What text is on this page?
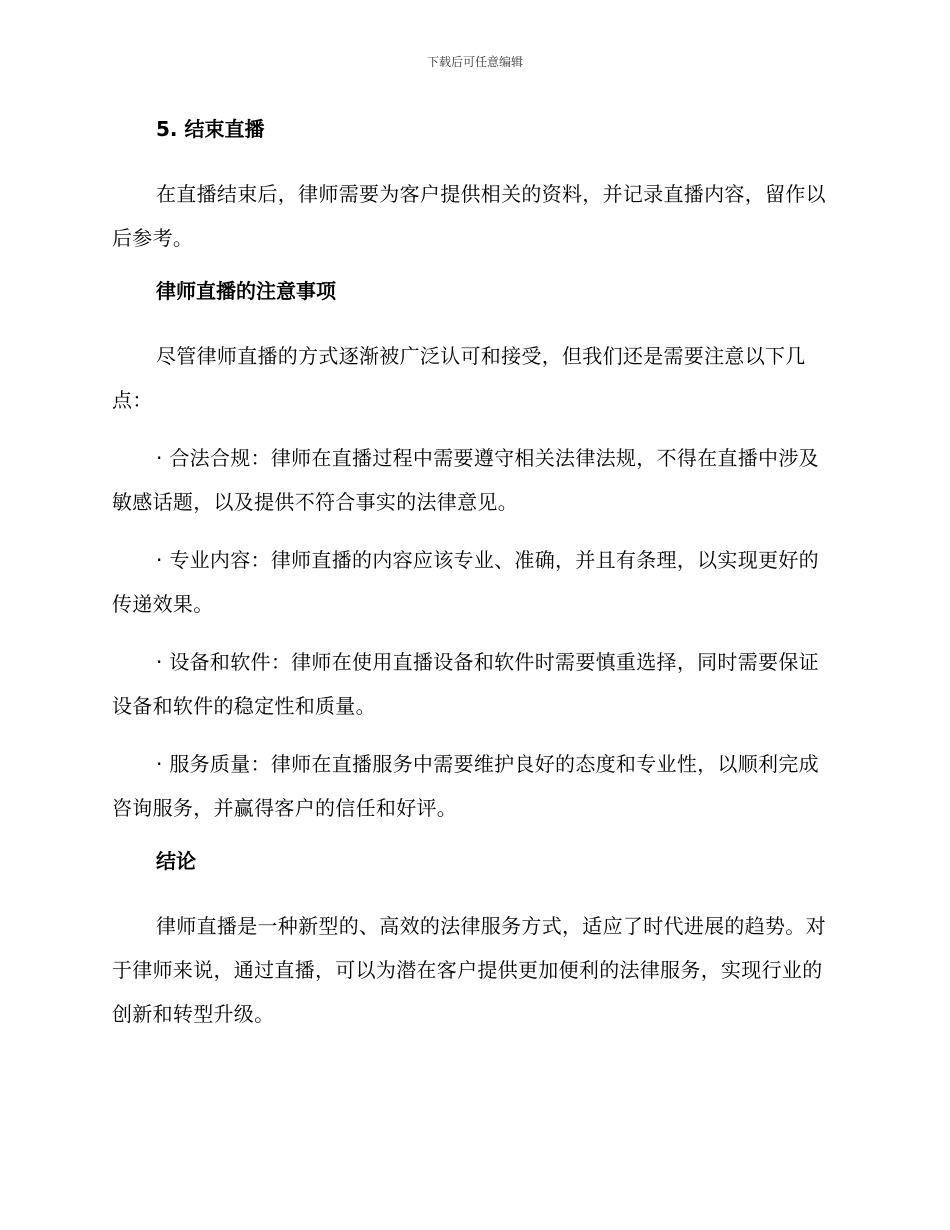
下载后可任意编辑
5. 结束直播

在直播结束后，律师需要为客户提供相关的资料，并记录直播内容，留作以后参考。

律师直播的注意事项

尽管律师直播的方式逐渐被广泛认可和接受，但我们还是需要注意以下几点：

· 合法合规：律师在直播过程中需要遵守相关法律法规，不得在直播中涉及敏感话题，以及提供不符合事实的法律意见。

· 专业内容：律师直播的内容应该专业、准确，并且有条理，以实现更好的传递效果。

· 设备和软件：律师在使用直播设备和软件时需要慎重选择，同时需要保证设备和软件的稳定性和质量。

· 服务质量：律师在直播服务中需要维护良好的态度和专业性，以顺利完成咨询服务，并赢得客户的信任和好评。

结论

律师直播是一种新型的、高效的法律服务方式，适应了时代进展的趋势。对于律师来说，通过直播，可以为潜在客户提供更加便利的法律服务，实现行业的创新和转型升级。
